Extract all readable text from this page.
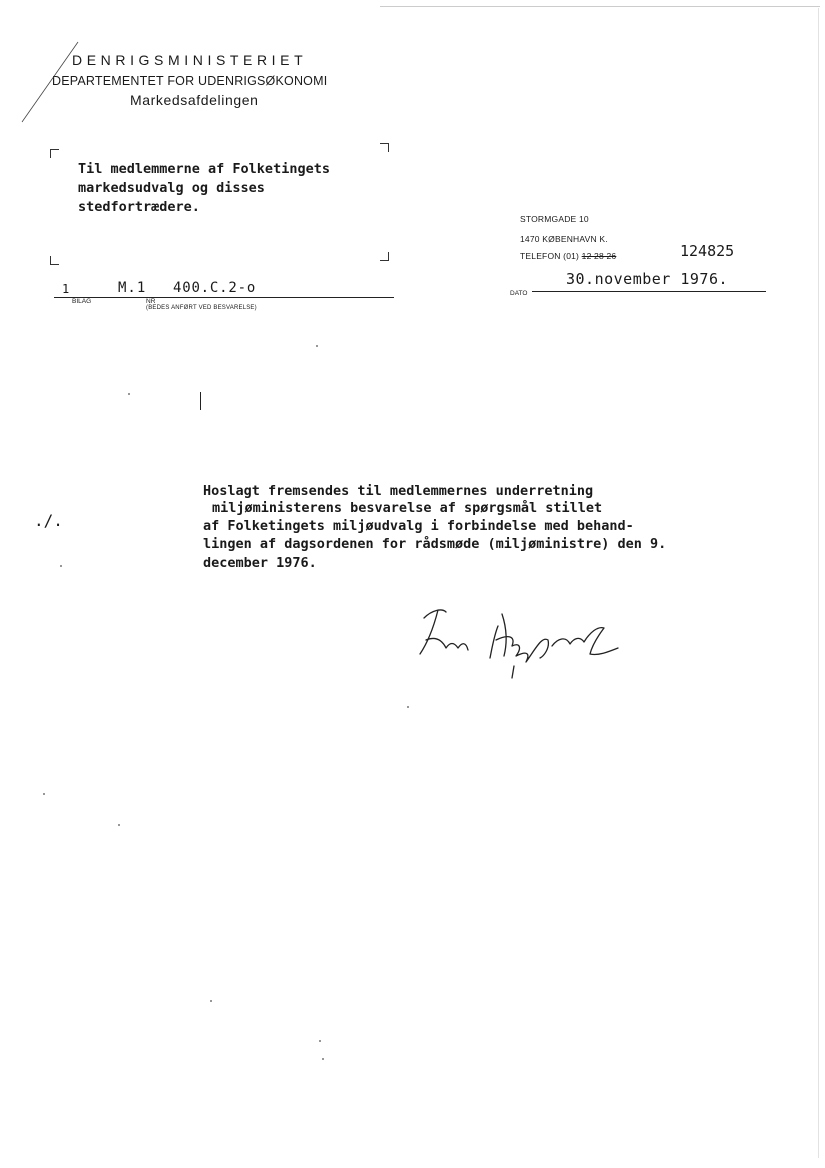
DENRIGSMINISTERIET
DEPARTEMENTET FOR UDENRIGSØKONOMI
Markedsafdelingen
Til medlemmerne af Folketingets
markedsudvalg og disses
stedfortrædere.
STORMGADE 10
1470 KØBENHAVN K.
TELEFON (01) 12 28 26	124825
30.november 1976.
DATO
1	M.1 400.C.2-o
BILAG	NR
(BEDES ANFØRT VED BESVARELSE)
./.
Hoslagt fremsendes til medlemmernes underretning
miljøministerens besvarelse af spørgsmål stillet
af Folketingets miljøudvalg i forbindelse med behand-
lingen af dagsordenen for rådsmøde (miljøministre) den 9.
december 1976.
